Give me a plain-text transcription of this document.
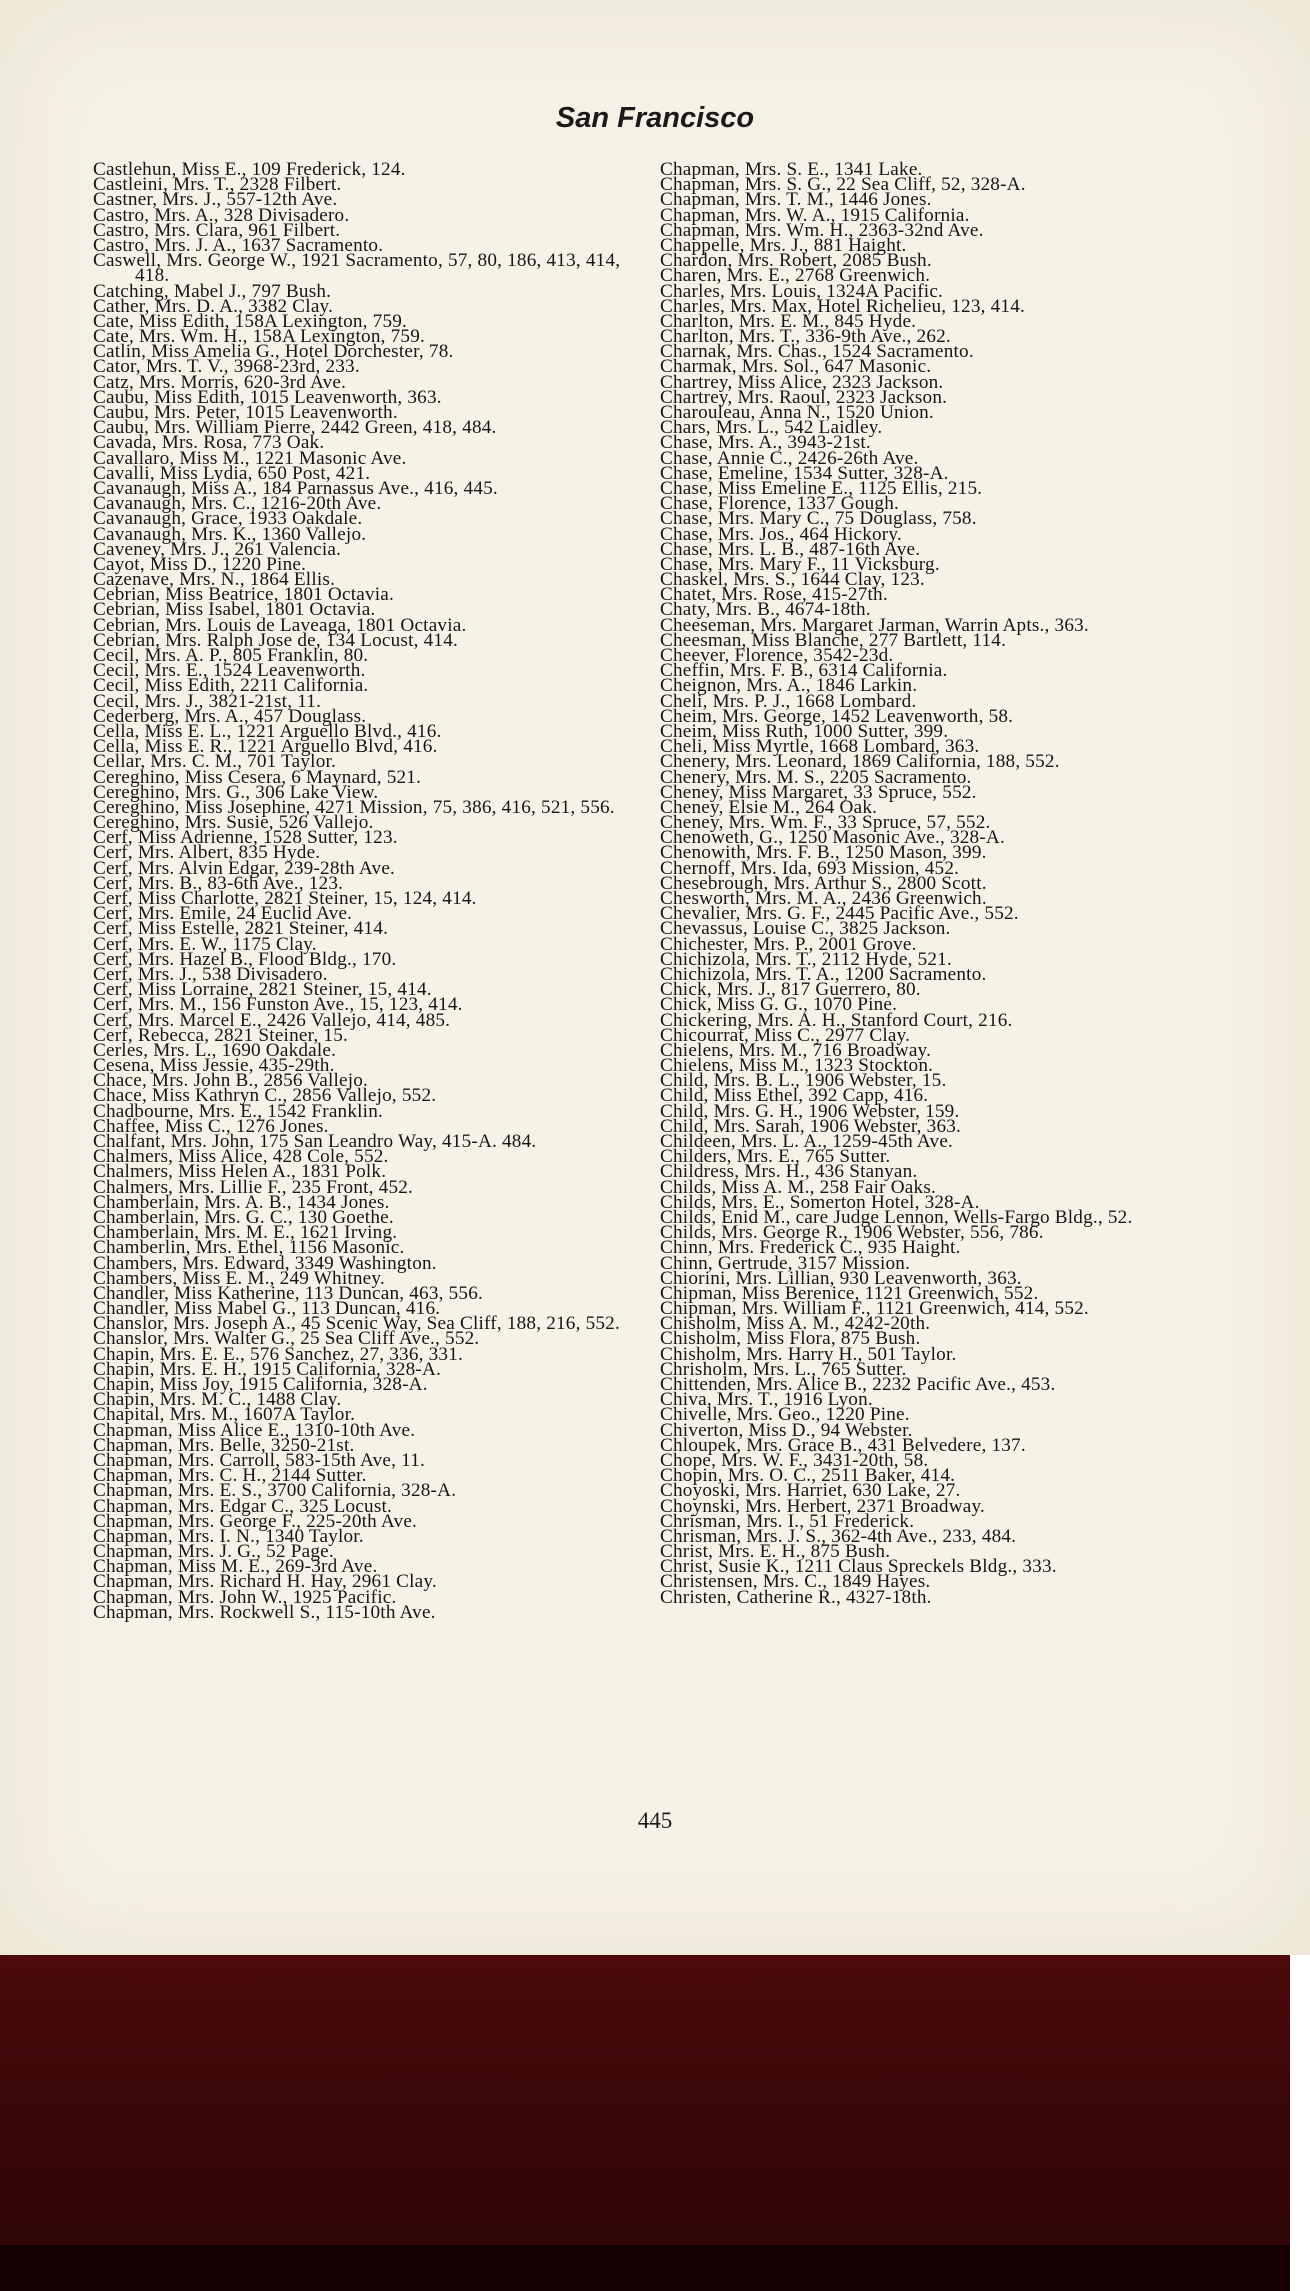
San Francisco
Castlehun, Miss E., 109 Frederick, 124.
Castleini, Mrs. T., 2328 Filbert.
Castner, Mrs. J., 557-12th Ave.
Castro, Mrs. A., 328 Divisadero.
Castro, Mrs. Clara, 961 Filbert.
Castro, Mrs. J. A., 1637 Sacramento.
Caswell, Mrs. George W., 1921 Sacramento, 57, 80, 186, 413, 414, 418.
Catching, Mabel J., 797 Bush.
Cather, Mrs. D. A., 3382 Clay.
Cate, Miss Edith, 158A Lexington, 759.
Cate, Mrs. Wm. H., 158A Lexington, 759.
Catlin, Miss Amelia G., Hotel Dorchester, 78.
Cator, Mrs. T. V., 3968-23rd, 233.
Catz, Mrs. Morris, 620-3rd Ave.
Caubu, Miss Edith, 1015 Leavenworth, 363.
Caubu, Mrs. Peter, 1015 Leavenworth.
Caubu, Mrs. William Pierre, 2442 Green, 418, 484.
Cavada, Mrs. Rosa, 773 Oak.
Cavallaro, Miss M., 1221 Masonic Ave.
Cavalli, Miss Lydia, 650 Post, 421.
Cavanaugh, Miss A., 184 Parnassus Ave., 416, 445.
Cavanaugh, Mrs. C., 1216-20th Ave.
Cavanaugh, Grace, 1933 Oakdale.
Cavanaugh, Mrs. K., 1360 Vallejo.
Caveney, Mrs. J., 261 Valencia.
Cayot, Miss D., 1220 Pine.
Cazenave, Mrs. N., 1864 Ellis.
Cebrian, Miss Beatrice, 1801 Octavia.
Cebrian, Miss Isabel, 1801 Octavia.
Cebrian, Mrs. Louis de Laveaga, 1801 Octavia.
Cebrian, Mrs. Ralph Jose de, 134 Locust, 414.
Cecil, Mrs. A. P., 805 Franklin, 80.
Cecil, Mrs. E., 1524 Leavenworth.
Cecil, Miss Edith, 2211 California.
Cecil, Mrs. J., 3821-21st, 11.
Cederberg, Mrs. A., 457 Douglass.
Cella, Miss E. L., 1221 Arguello Blvd., 416.
Cella, Miss E. R., 1221 Arguello Blvd, 416.
Cellar, Mrs. C. M., 701 Taylor.
Cereghino, Miss Cesera, 6 Maynard, 521.
Cereghino, Mrs. G., 306 Lake View.
Cereghino, Miss Josephine, 4271 Mission, 75, 386, 416, 521, 556.
Cereghino, Mrs. Susie, 526 Vallejo.
Cerf, Miss Adrienne, 1528 Sutter, 123.
Cerf, Mrs. Albert, 835 Hyde.
Cerf, Mrs. Alvin Edgar, 239-28th Ave.
Cerf, Mrs. B., 83-6th Ave., 123.
Cerf, Miss Charlotte, 2821 Steiner, 15, 124, 414.
Cerf, Mrs. Emile, 24 Euclid Ave.
Cerf, Miss Estelle, 2821 Steiner, 414.
Cerf, Mrs. E. W., 1175 Clay.
Cerf, Mrs. Hazel B., Flood Bldg., 170.
Cerf, Mrs. J., 538 Divisadero.
Cerf, Miss Lorraine, 2821 Steiner, 15, 414.
Cerf, Mrs. M., 156 Funston Ave., 15, 123, 414.
Cerf, Mrs. Marcel E., 2426 Vallejo, 414, 485.
Cerf, Rebecca, 2821 Steiner, 15.
Cerles, Mrs. L., 1690 Oakdale.
Cesena, Miss Jessie, 435-29th.
Chace, Mrs. John B., 2856 Vallejo.
Chace, Miss Kathryn C., 2856 Vallejo, 552.
Chadbourne, Mrs. E., 1542 Franklin.
Chaffee, Miss C., 1276 Jones.
Chalfant, Mrs. John, 175 San Leandro Way, 415-A. 484.
Chalmers, Miss Alice, 428 Cole, 552.
Chalmers, Miss Helen A., 1831 Polk.
Chalmers, Mrs. Lillie F., 235 Front, 452.
Chamberlain, Mrs. A. B., 1434 Jones.
Chamberlain, Mrs. G. C., 130 Goethe.
Chamberlain, Mrs. M. E., 1621 Irving.
Chamberlin, Mrs. Ethel, 1156 Masonic.
Chambers, Mrs. Edward, 3349 Washington.
Chambers, Miss E. M., 249 Whitney.
Chandler, Miss Katherine, 113 Duncan, 463, 556.
Chandler, Miss Mabel G., 113 Duncan, 416.
Chanslor, Mrs. Joseph A., 45 Scenic Way, Sea Cliff, 188, 216, 552.
Chanslor, Mrs. Walter G., 25 Sea Cliff Ave., 552.
Chapin, Mrs. E. E., 576 Sanchez, 27, 336, 331.
Chapin, Mrs. E. H., 1915 California, 328-A.
Chapin, Miss Joy, 1915 California, 328-A.
Chapin, Mrs. M. C., 1488 Clay.
Chapital, Mrs. M., 1607A Taylor.
Chapman, Miss Alice E., 1310-10th Ave.
Chapman, Mrs. Belle, 3250-21st.
Chapman, Mrs. Carroll, 583-15th Ave, 11.
Chapman, Mrs. C. H., 2144 Sutter.
Chapman, Mrs. E. S., 3700 California, 328-A.
Chapman, Mrs. Edgar C., 325 Locust.
Chapman, Mrs. George F., 225-20th Ave.
Chapman, Mrs. I. N., 1340 Taylor.
Chapman, Mrs. J. G., 52 Page.
Chapman, Miss M. E., 269-3rd Ave.
Chapman, Mrs. Richard H. Hay, 2961 Clay.
Chapman, Mrs. John W., 1925 Pacific.
Chapman, Mrs. Rockwell S., 115-10th Ave.
Chapman, Mrs. S. E., 1341 Lake.
Chapman, Mrs. S. G., 22 Sea Cliff, 52, 328-A.
Chapman, Mrs. T. M., 1446 Jones.
Chapman, Mrs. W. A., 1915 California.
Chapman, Mrs. Wm. H., 2363-32nd Ave.
Chappelle, Mrs. J., 881 Haight.
Chardon, Mrs. Robert, 2085 Bush.
Charen, Mrs. E., 2768 Greenwich.
Charles, Mrs. Louis, 1324A Pacific.
Charles, Mrs. Max, Hotel Richelieu, 123, 414.
Charlton, Mrs. E. M., 845 Hyde.
Charlton, Mrs. T., 336-9th Ave., 262.
Charnak, Mrs. Chas., 1524 Sacramento.
Charmak, Mrs. Sol., 647 Masonic.
Chartrey, Miss Alice, 2323 Jackson.
Chartrey, Mrs. Raoul, 2323 Jackson.
Charouleau, Anna N., 1520 Union.
Chars, Mrs. L., 542 Laidley.
Chase, Mrs. A., 3943-21st.
Chase, Annie C., 2426-26th Ave.
Chase, Emeline, 1534 Sutter, 328-A.
Chase, Miss Emeline E., 1125 Ellis, 215.
Chase, Florence, 1337 Gough.
Chase, Mrs. Mary C., 75 Douglass, 758.
Chase, Mrs. Jos., 464 Hickory.
Chase, Mrs. L. B., 487-16th Ave.
Chase, Mrs. Mary F., 11 Vicksburg.
Chaskel, Mrs. S., 1644 Clay, 123.
Chatet, Mrs. Rose, 415-27th.
Chaty, Mrs. B., 4674-18th.
Cheeseman, Mrs. Margaret Jarman, Warrin Apts., 363.
Cheesman, Miss Blanche, 277 Bartlett, 114.
Cheever, Florence, 3542-23d.
Cheffin, Mrs. F. B., 6314 California.
Cheignon, Mrs. A., 1846 Larkin.
Cheli, Mrs. P. J., 1668 Lombard.
Cheim, Mrs. George, 1452 Leavenworth, 58.
Cheim, Miss Ruth, 1000 Sutter, 399.
Cheli, Miss Myrtle, 1668 Lombard, 363.
Chenery, Mrs. Leonard, 1869 California, 188, 552.
Chenery, Mrs. M. S., 2205 Sacramento.
Cheney, Miss Margaret, 33 Spruce, 552.
Cheney, Elsie M., 264 Oak.
Cheney, Mrs. Wm. F., 33 Spruce, 57, 552.
Chenoweth, G., 1250 Masonic Ave., 328-A.
Chenowith, Mrs. F. B., 1250 Mason, 399.
Chernoff, Mrs. Ida, 693 Mission, 452.
Chesebrough, Mrs. Arthur S., 2800 Scott.
Chesworth, Mrs. M. A., 2436 Greenwich.
Chevalier, Mrs. G. F., 2445 Pacific Ave., 552.
Chevassus, Louise C., 3825 Jackson.
Chichester, Mrs. P., 2001 Grove.
Chichizola, Mrs. T., 2112 Hyde, 521.
Chichizola, Mrs. T. A., 1200 Sacramento.
Chick, Mrs. J., 817 Guerrero, 80.
Chick, Miss G. G., 1070 Pine.
Chickering, Mrs. A. H., Stanford Court, 216.
Chicourrat, Miss C., 2977 Clay.
Chielens, Mrs. M., 716 Broadway.
Chielens, Miss M., 1323 Stockton.
Child, Mrs. B. L., 1906 Webster, 15.
Child, Miss Ethel, 392 Capp, 416.
Child, Mrs. G. H., 1906 Webster, 159.
Child, Mrs. Sarah, 1906 Webster, 363.
Childeen, Mrs. L. A., 1259-45th Ave.
Childers, Mrs. E., 765 Sutter.
Childress, Mrs. H., 436 Stanyan.
Childs, Miss A. M., 258 Fair Oaks.
Childs, Mrs. E., Somerton Hotel, 328-A.
Childs, Enid M., care Judge Lennon, Wells-Fargo Bldg., 52.
Childs, Mrs. George R., 1906 Webster, 556, 786.
Chinn, Mrs. Frederick C., 935 Haight.
Chinn, Gertrude, 3157 Mission.
Chiorini, Mrs. Lillian, 930 Leavenworth, 363.
Chipman, Miss Berenice, 1121 Greenwich, 552.
Chipman, Mrs. William F., 1121 Greenwich, 414, 552.
Chisholm, Miss A. M., 4242-20th.
Chisholm, Miss Flora, 875 Bush.
Chisholm, Mrs. Harry H., 501 Taylor.
Chrisholm, Mrs. L., 765 Sutter.
Chittenden, Mrs. Alice B., 2232 Pacific Ave., 453.
Chiva, Mrs. T., 1916 Lyon.
Chivelle, Mrs. Geo., 1220 Pine.
Chiverton, Miss D., 94 Webster.
Chloupek, Mrs. Grace B., 431 Belvedere, 137.
Chope, Mrs. W. F., 3431-20th, 58.
Chopin, Mrs. O. C., 2511 Baker, 414.
Choyoski, Mrs. Harriet, 630 Lake, 27.
Choynski, Mrs. Herbert, 2371 Broadway.
Chrisman, Mrs. I., 51 Frederick.
Chrisman, Mrs. J. S., 362-4th Ave., 233, 484.
Christ, Mrs. E. H., 875 Bush.
Christ, Susie K., 1211 Claus Spreckels Bldg., 333.
Christensen, Mrs. C., 1849 Hayes.
Christen, Catherine R., 4327-18th.
445
